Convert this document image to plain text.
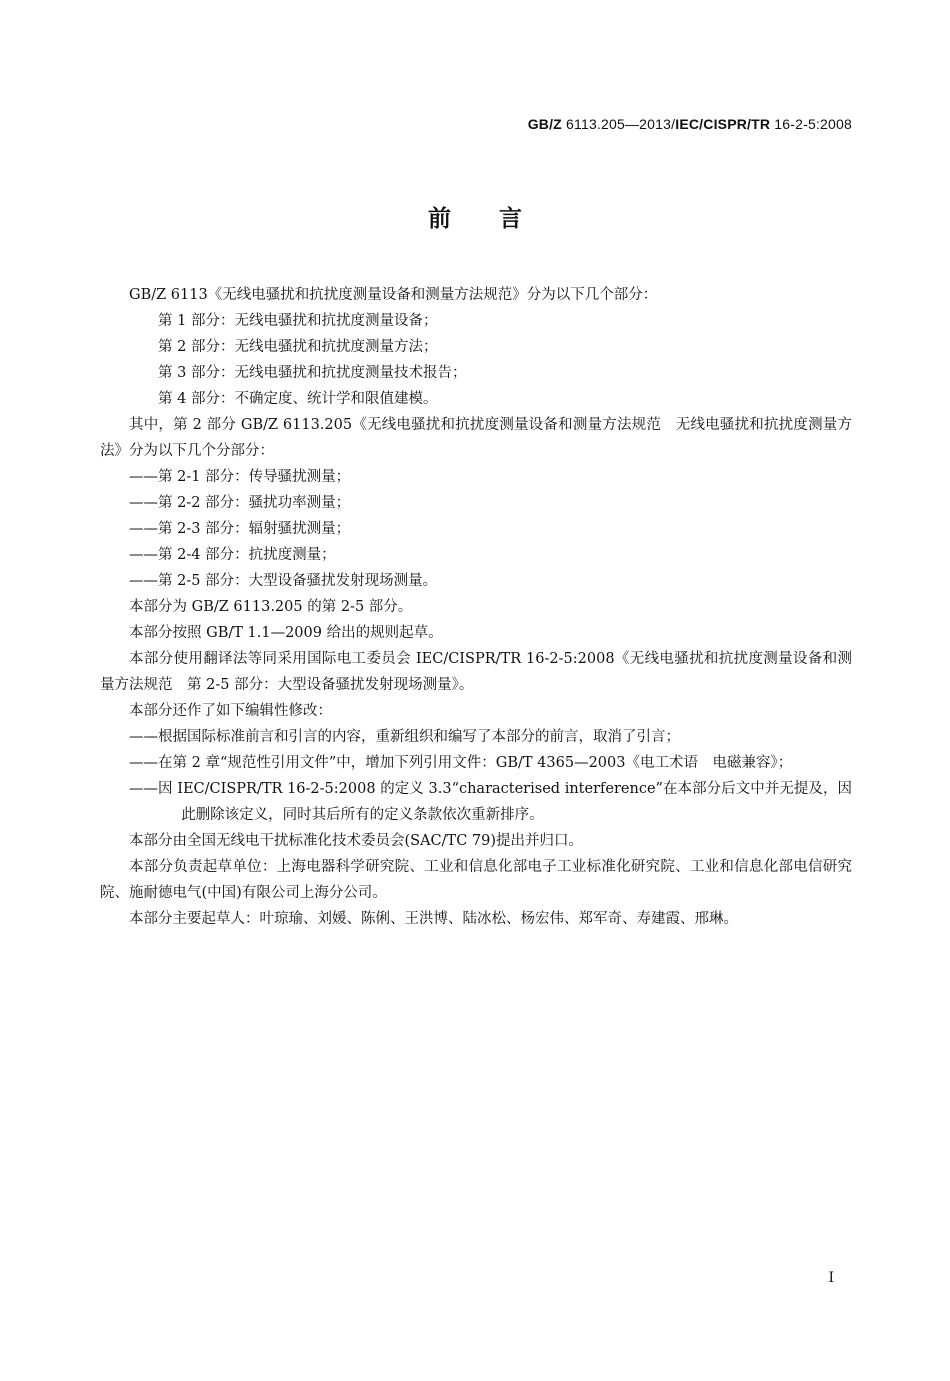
GB/Z 6113.205—2013/IEC/CISPR/TR 16-2-5:2008
前言

GB/Z 6113《无线电骚扰和抗扰度测量设备和测量方法规范》分为以下几个部分：

第 1 部分：无线电骚扰和抗扰度测量设备；

第 2 部分：无线电骚扰和抗扰度测量方法；

第 3 部分：无线电骚扰和抗扰度测量技术报告；

第 4 部分：不确定度、统计学和限值建模。

其中，第 2 部分 GB/Z 6113.205《无线电骚扰和抗扰度测量设备和测量方法规范　无线电骚扰和抗扰度测量方法》分为以下几个分部分：

——第 2-1 部分：传导骚扰测量；

——第 2-2 部分：骚扰功率测量；

——第 2-3 部分：辐射骚扰测量；

——第 2-4 部分：抗扰度测量；

——第 2-5 部分：大型设备骚扰发射现场测量。

本部分为 GB/Z 6113.205 的第 2-5 部分。

本部分按照 GB/T 1.1—2009 给出的规则起草。

本部分使用翻译法等同采用国际电工委员会 IEC/CISPR/TR 16-2-5:2008《无线电骚扰和抗扰度测量设备和测量方法规范　第 2-5 部分：大型设备骚扰发射现场测量》。

本部分还作了如下编辑性修改：

——根据国际标准前言和引言的内容，重新组织和编写了本部分的前言，取消了引言；

——在第 2 章“规范性引用文件”中，增加下列引用文件：GB/T 4365—2003《电工术语　电磁兼容》；

——因 IEC/CISPR/TR 16-2-5:2008 的定义 3.3“characterised interference”在本部分后文中并无提及，因此删除该定义，同时其后所有的定义条款依次重新排序。

本部分由全国无线电干扰标准化技术委员会(SAC/TC 79)提出并归口。

本部分负责起草单位：上海电器科学研究院、工业和信息化部电子工业标准化研究院、工业和信息化部电信研究院、施耐德电气(中国)有限公司上海分公司。

本部分主要起草人：叶琼瑜、刘媛、陈俐、王洪博、陆冰松、杨宏伟、郑军奇、寿建霞、邢琳。

I
